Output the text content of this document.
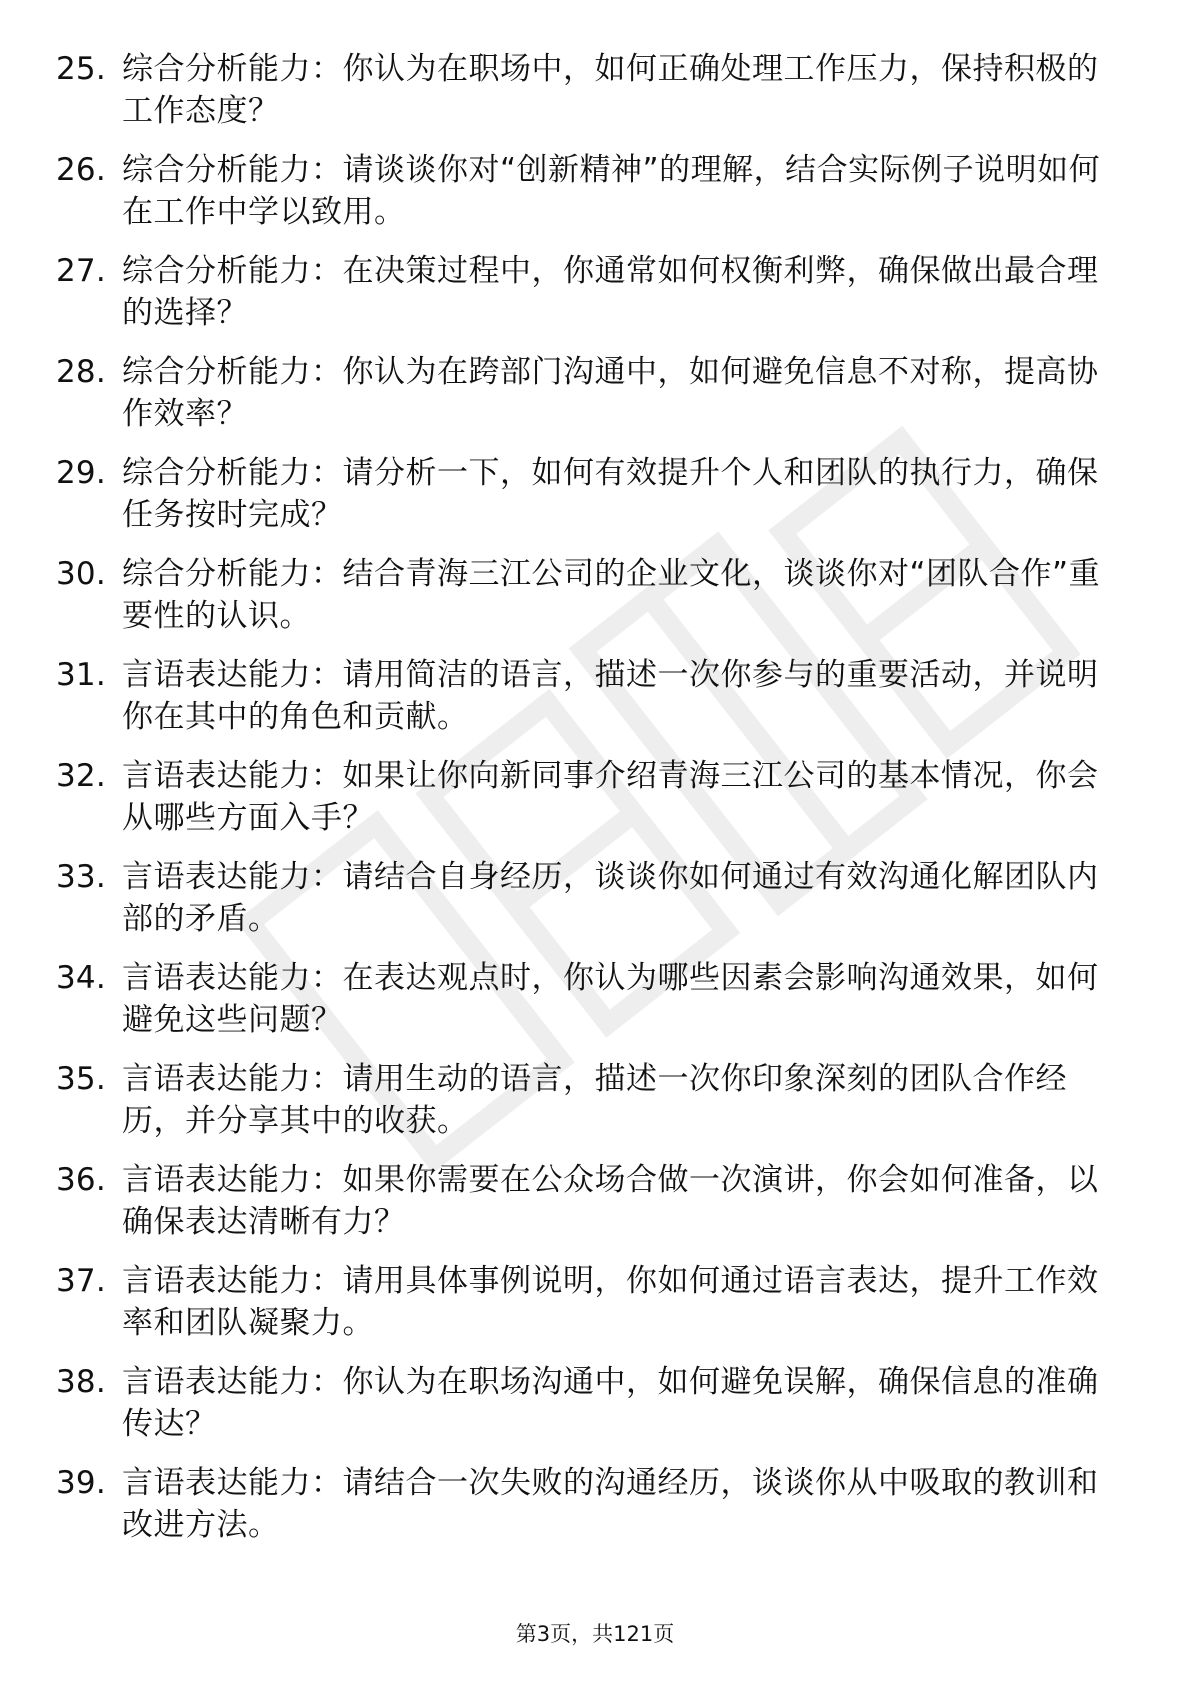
25. 综合分析能力：你认为在职场中，如何正确处理工作压力，保持积极的工作态度？
26. 综合分析能力：请谈谈你对“创新精神”的理解，结合实际例子说明如何在工作中学以致用。
27. 综合分析能力：在决策过程中，你通常如何权衡利弊，确保做出最合理的选择？
28. 综合分析能力：你认为在跨部门沟通中，如何避免信息不对称，提高协作效率？
29. 综合分析能力：请分析一下，如何有效提升个人和团队的执行力，确保任务按时完成？
30. 综合分析能力：结合青海三江公司的企业文化，谈谈你对“团队合作”重要性的认识。
31. 言语表达能力：请用简洁的语言，描述一次你参与的重要活动，并说明你在其中的角色和贡献。
32. 言语表达能力：如果让你向新同事介绍青海三江公司的基本情况，你会从哪些方面入手？
33. 言语表达能力：请结合自身经历，谈谈你如何通过有效沟通化解团队内部的矛盾。
34. 言语表达能力：在表达观点时，你认为哪些因素会影响沟通效果，如何避免这些问题？
35. 言语表达能力：请用生动的语言，描述一次你印象深刻的团队合作经历，并分享其中的收获。
36. 言语表达能力：如果你需要在公众场合做一次演讲，你会如何准备，以确保表达清晰有力？
37. 言语表达能力：请用具体事例说明，你如何通过语言表达，提升工作效率和团队凝聚力。
38. 言语表达能力：你认为在职场沟通中，如何避免误解，确保信息的准确传达？
39. 言语表达能力：请结合一次失败的沟通经历，谈谈你从中吸取的教训和改进方法。
第3页，共121页
